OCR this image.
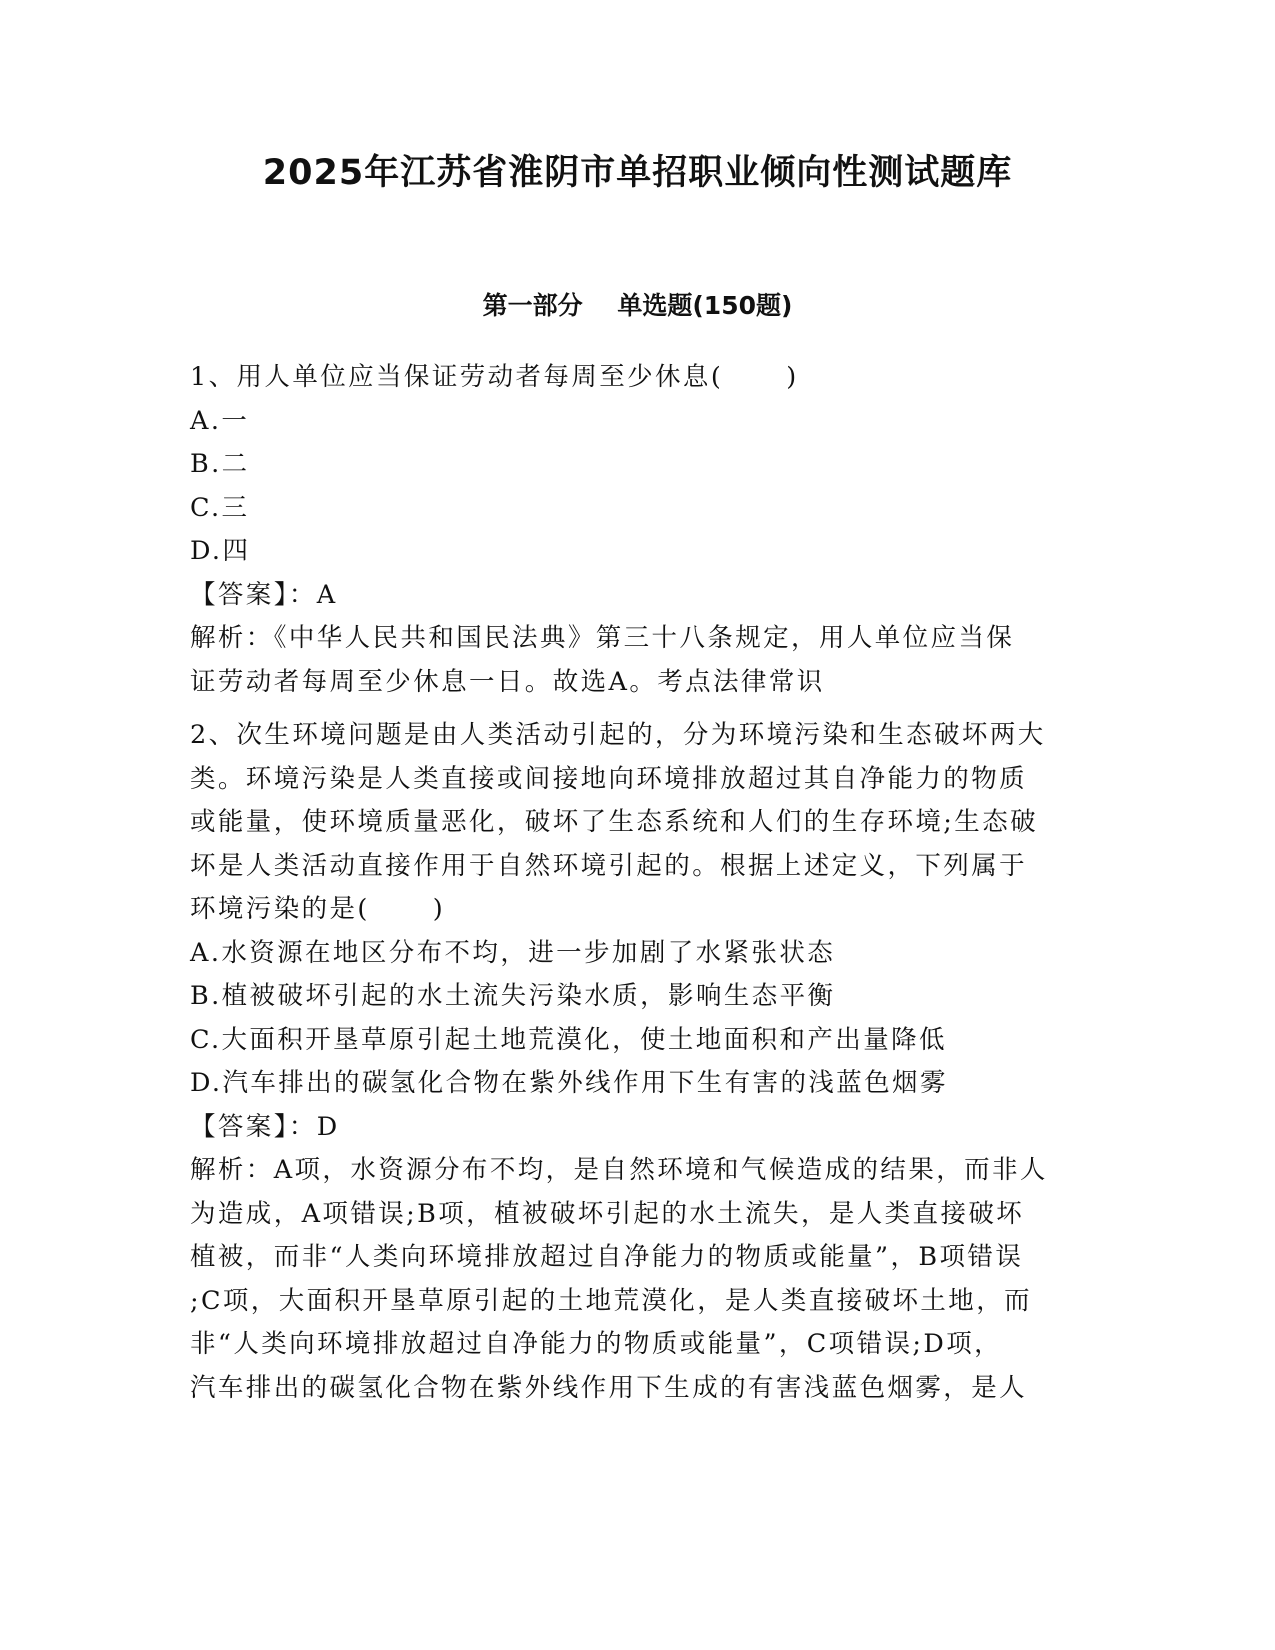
2025年江苏省淮阴市单招职业倾向性测试题库
第一部分    单选题(150题)
1、用人单位应当保证劳动者每周至少休息(      )
A.一
B.二
C.三
D.四
【答案】：A
解析：《中华人民共和国民法典》第三十八条规定，用人单位应当保
证劳动者每周至少休息一日。故选A。考点法律常识
2、次生环境问题是由人类活动引起的，分为环境污染和生态破坏两大
类。环境污染是人类直接或间接地向环境排放超过其自净能力的物质
或能量，使环境质量恶化，破坏了生态系统和人们的生存环境;生态破
坏是人类活动直接作用于自然环境引起的。根据上述定义，下列属于
环境污染的是(      )
A.水资源在地区分布不均，进一步加剧了水紧张状态
B.植被破坏引起的水土流失污染水质，影响生态平衡
C.大面积开垦草原引起土地荒漠化，使土地面积和产出量降低
D.汽车排出的碳氢化合物在紫外线作用下生有害的浅蓝色烟雾
【答案】：D
解析：A项，水资源分布不均，是自然环境和气候造成的结果，而非人
为造成，A项错误;B项，植被破坏引起的水土流失，是人类直接破坏
植被，而非“人类向环境排放超过自净能力的物质或能量”，B项错误
;C项，大面积开垦草原引起的土地荒漠化，是人类直接破坏土地，而
非“人类向环境排放超过自净能力的物质或能量”，C项错误;D项，
汽车排出的碳氢化合物在紫外线作用下生成的有害浅蓝色烟雾，是人
